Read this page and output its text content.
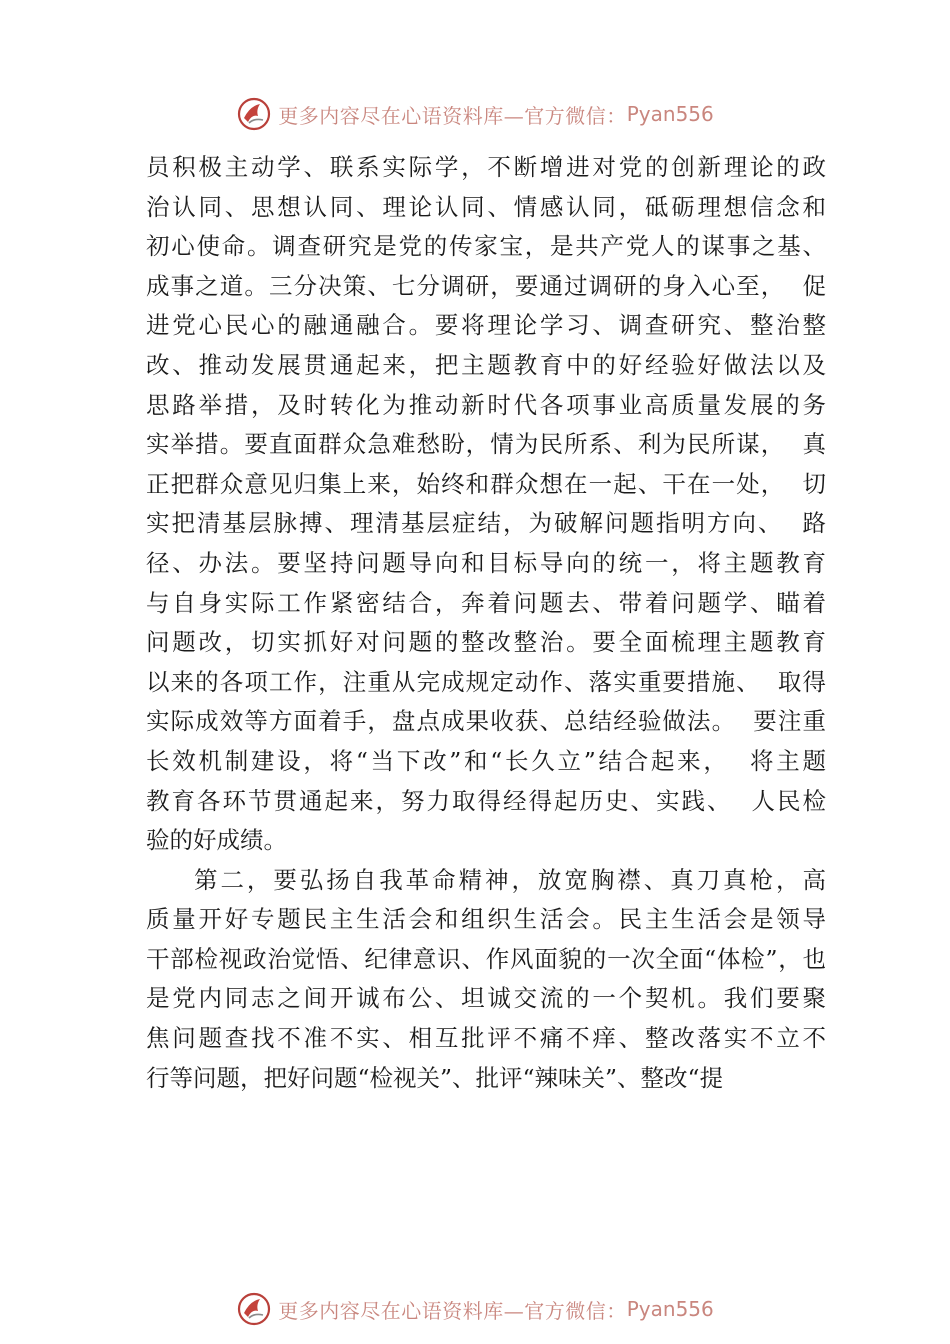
更多内容尽在心语资料库—官方微信： Pyan556
员积极主动学、联系实际学，不断增进对党的创新理论的政
治认同、思想认同、理论认同、情感认同，砥砺理想信念和
初心使命。调查研究是党的传家宝，是共产党人的谋事之基、
成事之道。三分决策、七分调研，要通过调研的身入心至，  促
进党心民心的融通融合。要将理论学习、调查研究、整治整
改、推动发展贯通起来，把主题教育中的好经验好做法以及
思路举措，及时转化为推动新时代各项事业高质量发展的务
实举措。要直面群众急难愁盼，情为民所系、利为民所谋，  真
正把群众意见归集上来，始终和群众想在一起、干在一处，  切
实把清基层脉搏、理清基层症结，为破解问题指明方向、  路
径、办法。要坚持问题导向和目标导向的统一，将主题教育
与自身实际工作紧密结合，奔着问题去、带着问题学、瞄着
问题改，切实抓好对问题的整改整治。要全面梳理主题教育
以来的各项工作，注重从完成规定动作、落实重要措施、  取得
实际成效等方面着手，盘点成果收获、总结经验做法。  要注重
长效机制建设，将“当下改”和“长久立”结合起来，  将主题
教育各环节贯通起来，努力取得经得起历史、实践、  人民检
验的好成绩。
第二，要弘扬自我革命精神，放宽胸襟、真刀真枪，高
质量开好专题民主生活会和组织生活会。民主生活会是领导
干部检视政治觉悟、纪律意识、作风面貌的一次全面“体检”，也
是党内同志之间开诚布公、坦诚交流的一个契机。我们要聚
焦问题查找不准不实、相互批评不痛不痒、整改落实不立不
行等问题，把好问题“检视关”、批评“辣味关”、整改“提
更多内容尽在心语资料库—官方微信： Pyan556
